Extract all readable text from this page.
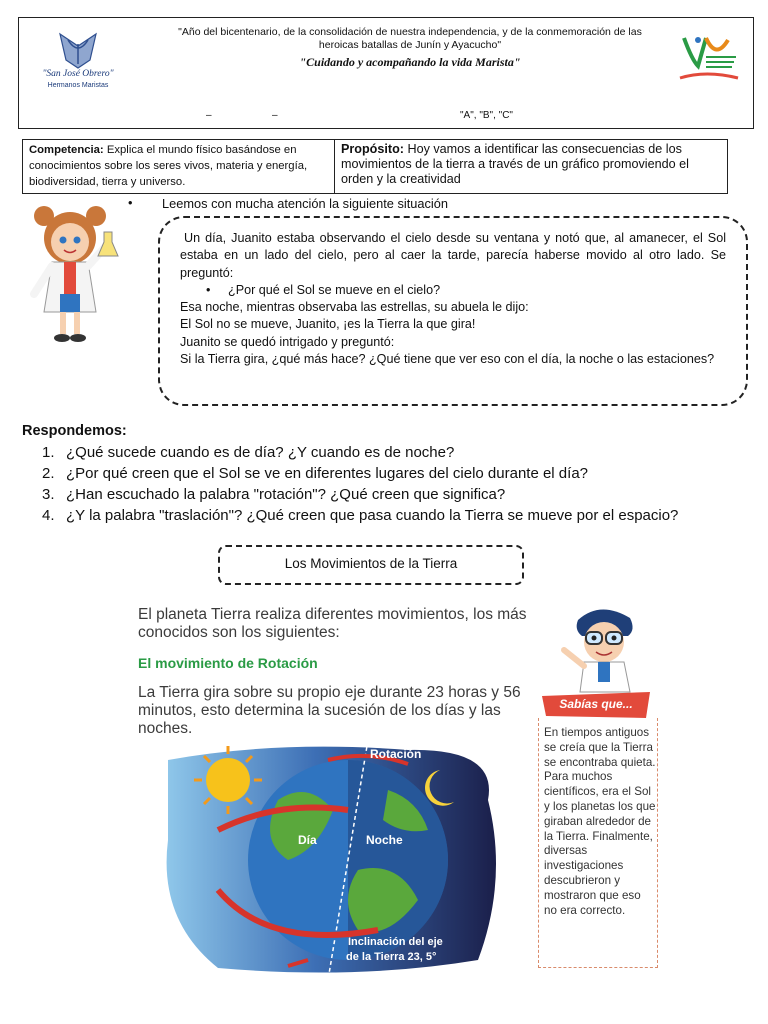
"San José Obrero"
Hermanos Maristas
"Año del bicentenario, de la consolidación de nuestra independencia, y de la conmemoración de las heroicas batallas de Junín y Ayacucho"
"Cuidando y acompañando la vida Marista"
–	–	"A", "B", "C"
Competencia: Explica el mundo físico basándose en conocimientos sobre los seres vivos, materia y energía, biodiversidad, tierra y universo.
Propósito: Hoy vamos a identificar las consecuencias de los movimientos de la tierra a través de un gráfico promoviendo el orden y la creatividad
• Leemos con mucha atención la siguiente situación

Un día, Juanito estaba observando el cielo desde su ventana y notó que, al amanecer, el Sol estaba en un lado del cielo, pero al caer la tarde, parecía haberse movido al otro lado. Se preguntó:

• ¿Por qué el Sol se mueve en el cielo?

Esa noche, mientras observaba las estrellas, su abuela le dijo:

El Sol no se mueve, Juanito, ¡es la Tierra la que gira!

Juanito se quedó intrigado y preguntó:

Si la Tierra gira, ¿qué más hace? ¿Qué tiene que ver eso con el día, la noche o las estaciones?

Respondemos:
1. ¿Qué sucede cuando es de día? ¿Y cuando es de noche?
2. ¿Por qué creen que el Sol se ve en diferentes lugares del cielo durante el día?
3. ¿Han escuchado la palabra "rotación"? ¿Qué creen que significa?
4. ¿Y la palabra "traslación"? ¿Qué creen que pasa cuando la Tierra se mueve por el espacio?
Los Movimientos de la Tierra
El planeta Tierra realiza diferentes movimientos, los más conocidos son los siguientes:
El movimiento de Rotación
La Tierra gira sobre su propio eje durante 23 horas y 56 minutos, esto determina la sucesión de los días y las noches.
Rotación
Día	Noche
Inclinación del eje
de la Tierra 23, 5°
Sabías que...
En tiempos antiguos se creía que la Tierra se encontraba quieta. Para muchos científicos, era el Sol y los planetas los que giraban alrededor de la Tierra. Finalmente, diversas investigaciones descubrieron y mostraron que eso no era correcto.
